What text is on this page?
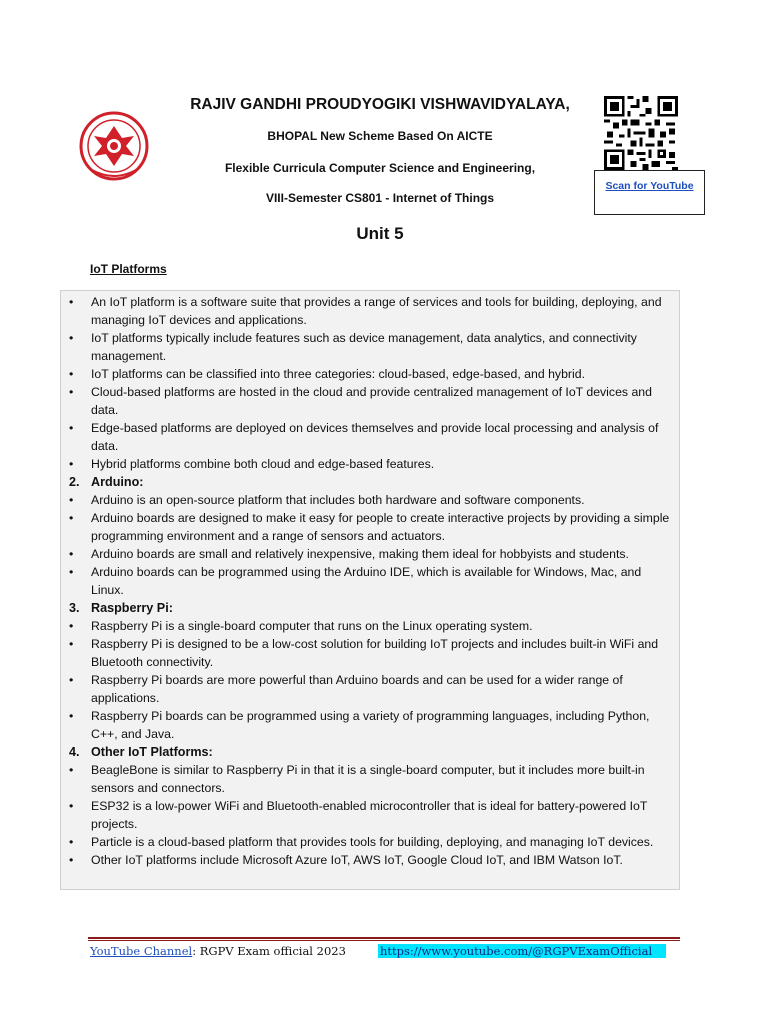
RAJIV GANDHI PROUDYOGIKI VISHWAVIDYALAYA,
BHOPAL New Scheme Based On AICTE
Flexible Curricula Computer Science and Engineering,
VIII-Semester CS801 - Internet of Things
Unit 5
Scan for YouTube
IoT Platforms
• An IoT platform is a software suite that provides a range of services and tools for building, deploying, and managing IoT devices and applications.
• IoT platforms typically include features such as device management, data analytics, and connectivity management.
• IoT platforms can be classified into three categories: cloud-based, edge-based, and hybrid.
• Cloud-based platforms are hosted in the cloud and provide centralized management of IoT devices and data.
• Edge-based platforms are deployed on devices themselves and provide local processing and analysis of data.
• Hybrid platforms combine both cloud and edge-based features.
2. Arduino:
• Arduino is an open-source platform that includes both hardware and software components.
• Arduino boards are designed to make it easy for people to create interactive projects by providing a simple programming environment and a range of sensors and actuators.
• Arduino boards are small and relatively inexpensive, making them ideal for hobbyists and students.
• Arduino boards can be programmed using the Arduino IDE, which is available for Windows, Mac, and Linux.
3. Raspberry Pi:
• Raspberry Pi is a single-board computer that runs on the Linux operating system.
• Raspberry Pi is designed to be a low-cost solution for building IoT projects and includes built-in WiFi and Bluetooth connectivity.
• Raspberry Pi boards are more powerful than Arduino boards and can be used for a wider range of applications.
• Raspberry Pi boards can be programmed using a variety of programming languages, including Python, C++, and Java.
4. Other IoT Platforms:
• BeagleBone is similar to Raspberry Pi in that it is a single-board computer, but it includes more built-in sensors and connectors.
• ESP32 is a low-power WiFi and Bluetooth-enabled microcontroller that is ideal for battery-powered IoT projects.
• Particle is a cloud-based platform that provides tools for building, deploying, and managing IoT devices.
• Other IoT platforms include Microsoft Azure IoT, AWS IoT, Google Cloud IoT, and IBM Watson IoT.
YouTube Channel: RGPV Exam official 2023	https://www.youtube.com/@RGPVExamOfficial
